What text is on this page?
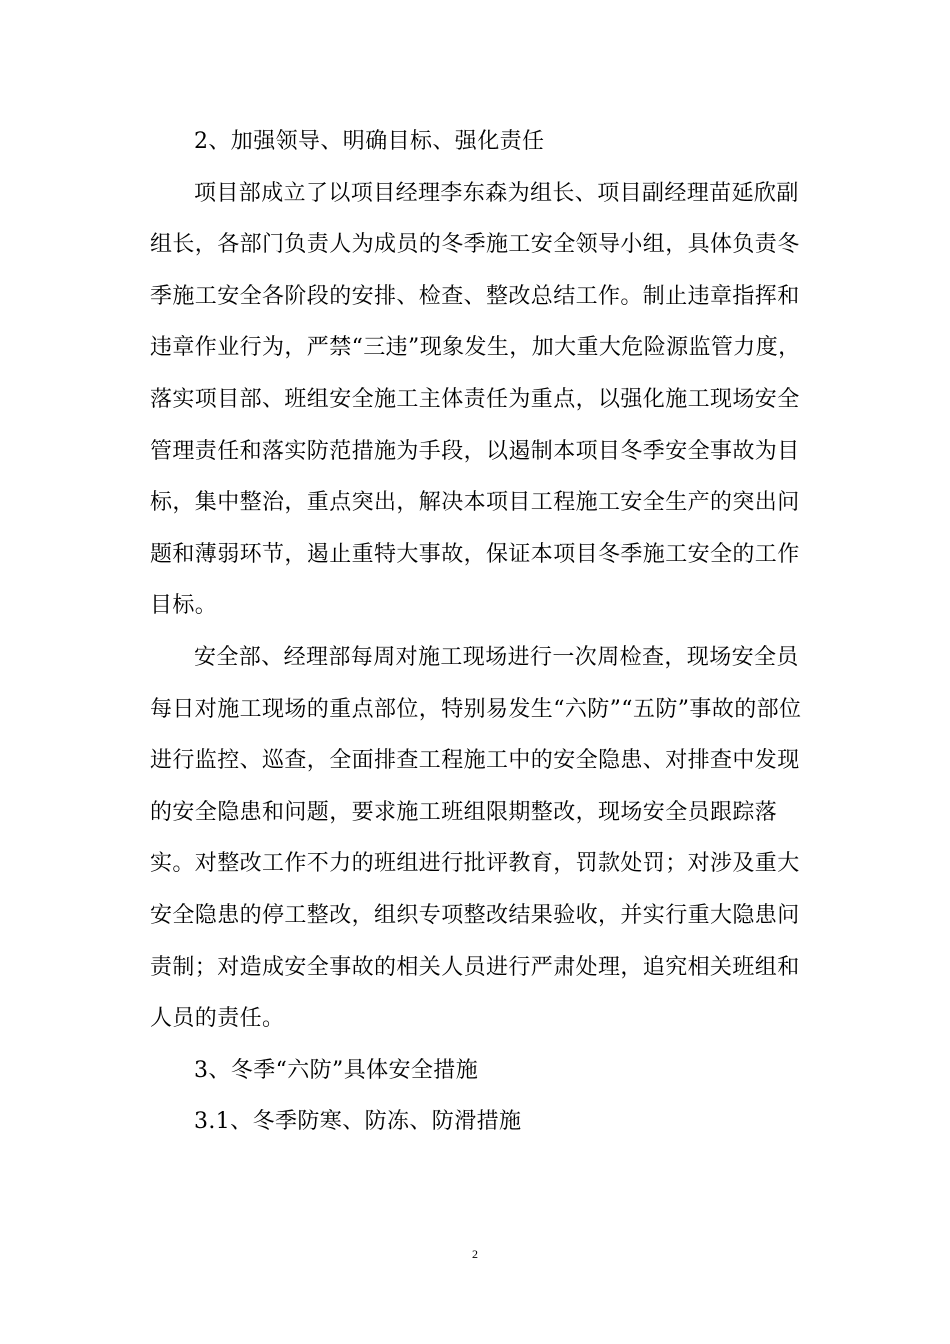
2、加强领导、明确目标、强化责任
项目部成立了以项目经理李东森为组长、项目副经理苗延欣副
组长，各部门负责人为成员的冬季施工安全领导小组，具体负责冬
季施工安全各阶段的安排、检查、整改总结工作。制止违章指挥和
违章作业行为，严禁“三违”现象发生，加大重大危险源监管力度，
落实项目部、班组安全施工主体责任为重点，以强化施工现场安全
管理责任和落实防范措施为手段，以遏制本项目冬季安全事故为目
标，集中整治，重点突出，解决本项目工程施工安全生产的突出问
题和薄弱环节，遏止重特大事故，保证本项目冬季施工安全的工作
目标。
安全部、经理部每周对施工现场进行一次周检查，现场安全员
每日对施工现场的重点部位，特别易发生“六防”“五防”事故的部位
进行监控、巡查，全面排查工程施工中的安全隐患、对排查中发现
的安全隐患和问题，要求施工班组限期整改，现场安全员跟踪落
实。对整改工作不力的班组进行批评教育，罚款处罚；对涉及重大
安全隐患的停工整改，组织专项整改结果验收，并实行重大隐患问
责制；对造成安全事故的相关人员进行严肃处理，追究相关班组和
人员的责任。
3、冬季“六防”具体安全措施
3.1、冬季防寒、防冻、防滑措施
2
